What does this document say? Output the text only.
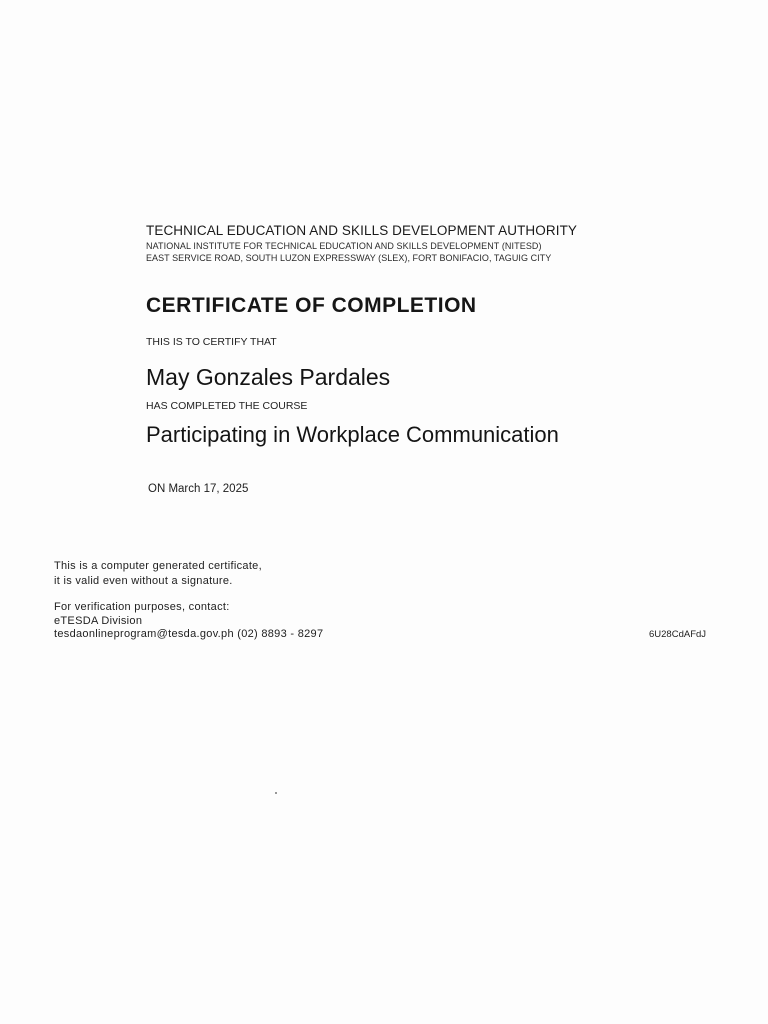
TECHNICAL EDUCATION AND SKILLS DEVELOPMENT AUTHORITY
NATIONAL INSTITUTE FOR TECHNICAL EDUCATION AND SKILLS DEVELOPMENT (NITESD)
EAST SERVICE ROAD, SOUTH LUZON EXPRESSWAY (SLEX), FORT BONIFACIO, TAGUIG CITY
CERTIFICATE OF COMPLETION
THIS IS TO CERTIFY THAT
May Gonzales Pardales
HAS COMPLETED THE COURSE
Participating in Workplace Communication
ON March 17, 2025
This is a computer generated certificate,
it is valid even without a signature.
For verification purposes, contact:
eTESDA Division
tesdaonlineprogram@tesda.gov.ph (02) 8893 - 8297	6U28CdAFdJ
